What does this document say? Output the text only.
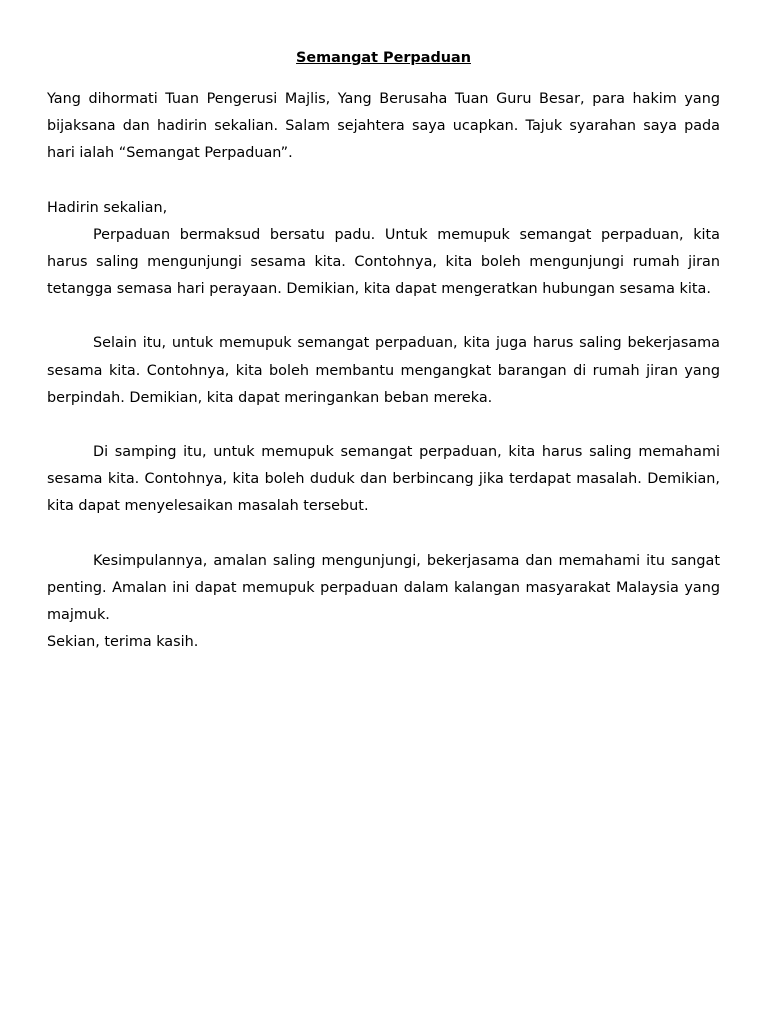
Semangat Perpaduan

Yang dihormati Tuan Pengerusi Majlis, Yang Berusaha Tuan Guru Besar, para hakim yang bijaksana dan hadirin sekalian. Salam sejahtera saya ucapkan. Tajuk syarahan saya pada hari ialah “Semangat Perpaduan”.

Hadirin sekalian,

Perpaduan bermaksud bersatu padu. Untuk memupuk semangat perpaduan, kita harus saling mengunjungi sesama kita. Contohnya, kita boleh mengunjungi rumah jiran tetangga semasa hari perayaan. Demikian, kita dapat mengeratkan hubungan sesama kita.

Selain itu, untuk memupuk semangat perpaduan, kita juga harus saling bekerjasama sesama kita. Contohnya, kita boleh membantu mengangkat barangan di rumah jiran yang berpindah. Demikian, kita dapat meringankan beban mereka.

Di samping itu, untuk memupuk semangat perpaduan, kita harus saling memahami sesama kita. Contohnya, kita boleh duduk dan berbincang jika terdapat masalah. Demikian, kita dapat menyelesaikan masalah tersebut.

Kesimpulannya, amalan saling mengunjungi, bekerjasama dan memahami itu sangat penting. Amalan ini dapat memupuk perpaduan dalam kalangan masyarakat Malaysia yang majmuk.

Sekian, terima kasih.
